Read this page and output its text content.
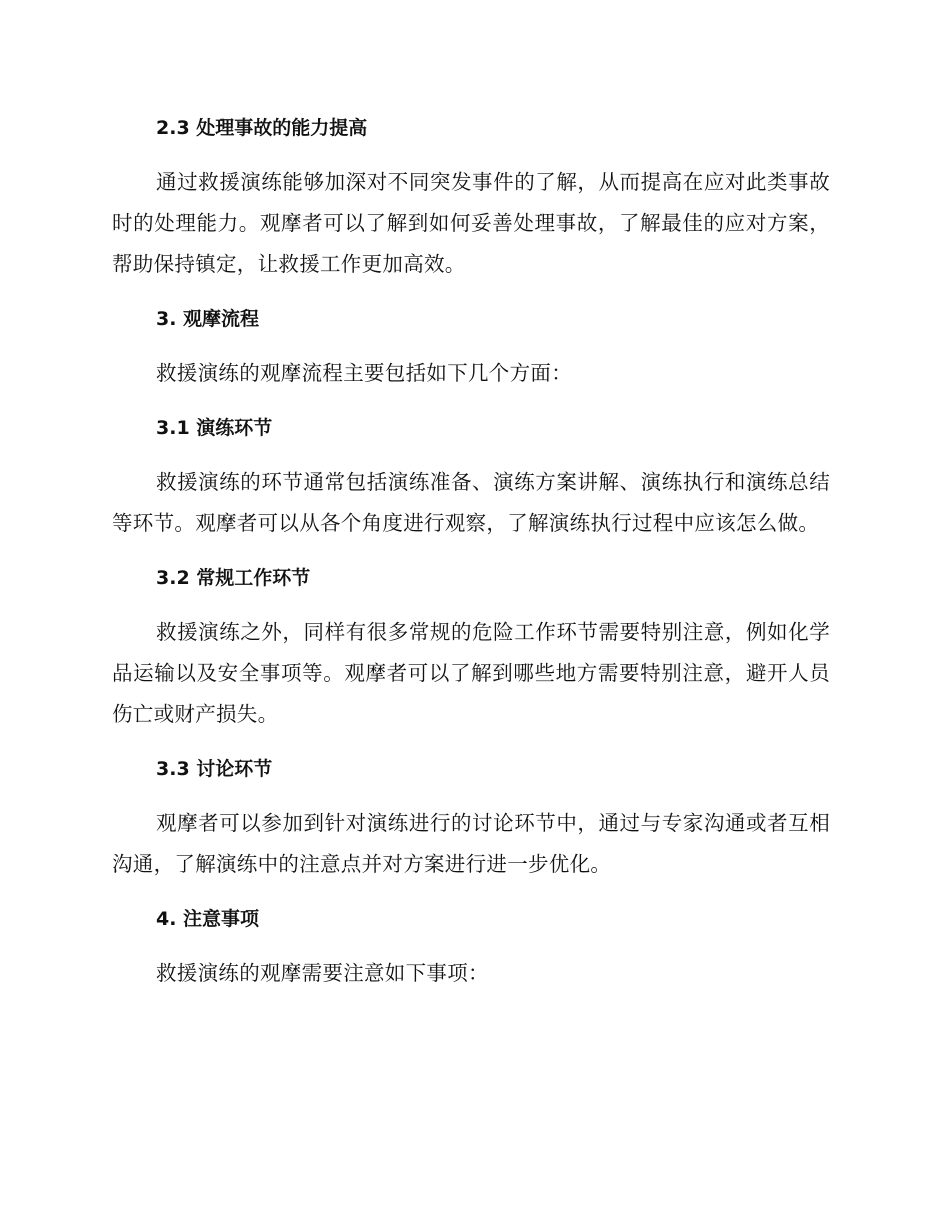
2.3 处理事故的能力提高

通过救援演练能够加深对不同突发事件的了解，从而提高在应对此类事故时的处理能力。观摩者可以了解到如何妥善处理事故，了解最佳的应对方案，帮助保持镇定，让救援工作更加高效。

3. 观摩流程

救援演练的观摩流程主要包括如下几个方面：

3.1 演练环节

救援演练的环节通常包括演练准备、演练方案讲解、演练执行和演练总结等环节。观摩者可以从各个角度进行观察，了解演练执行过程中应该怎么做。

3.2 常规工作环节

救援演练之外，同样有很多常规的危险工作环节需要特别注意，例如化学品运输以及安全事项等。观摩者可以了解到哪些地方需要特别注意，避开人员伤亡或财产损失。

3.3 讨论环节

观摩者可以参加到针对演练进行的讨论环节中，通过与专家沟通或者互相沟通，了解演练中的注意点并对方案进行进一步优化。

4. 注意事项

救援演练的观摩需要注意如下事项：
